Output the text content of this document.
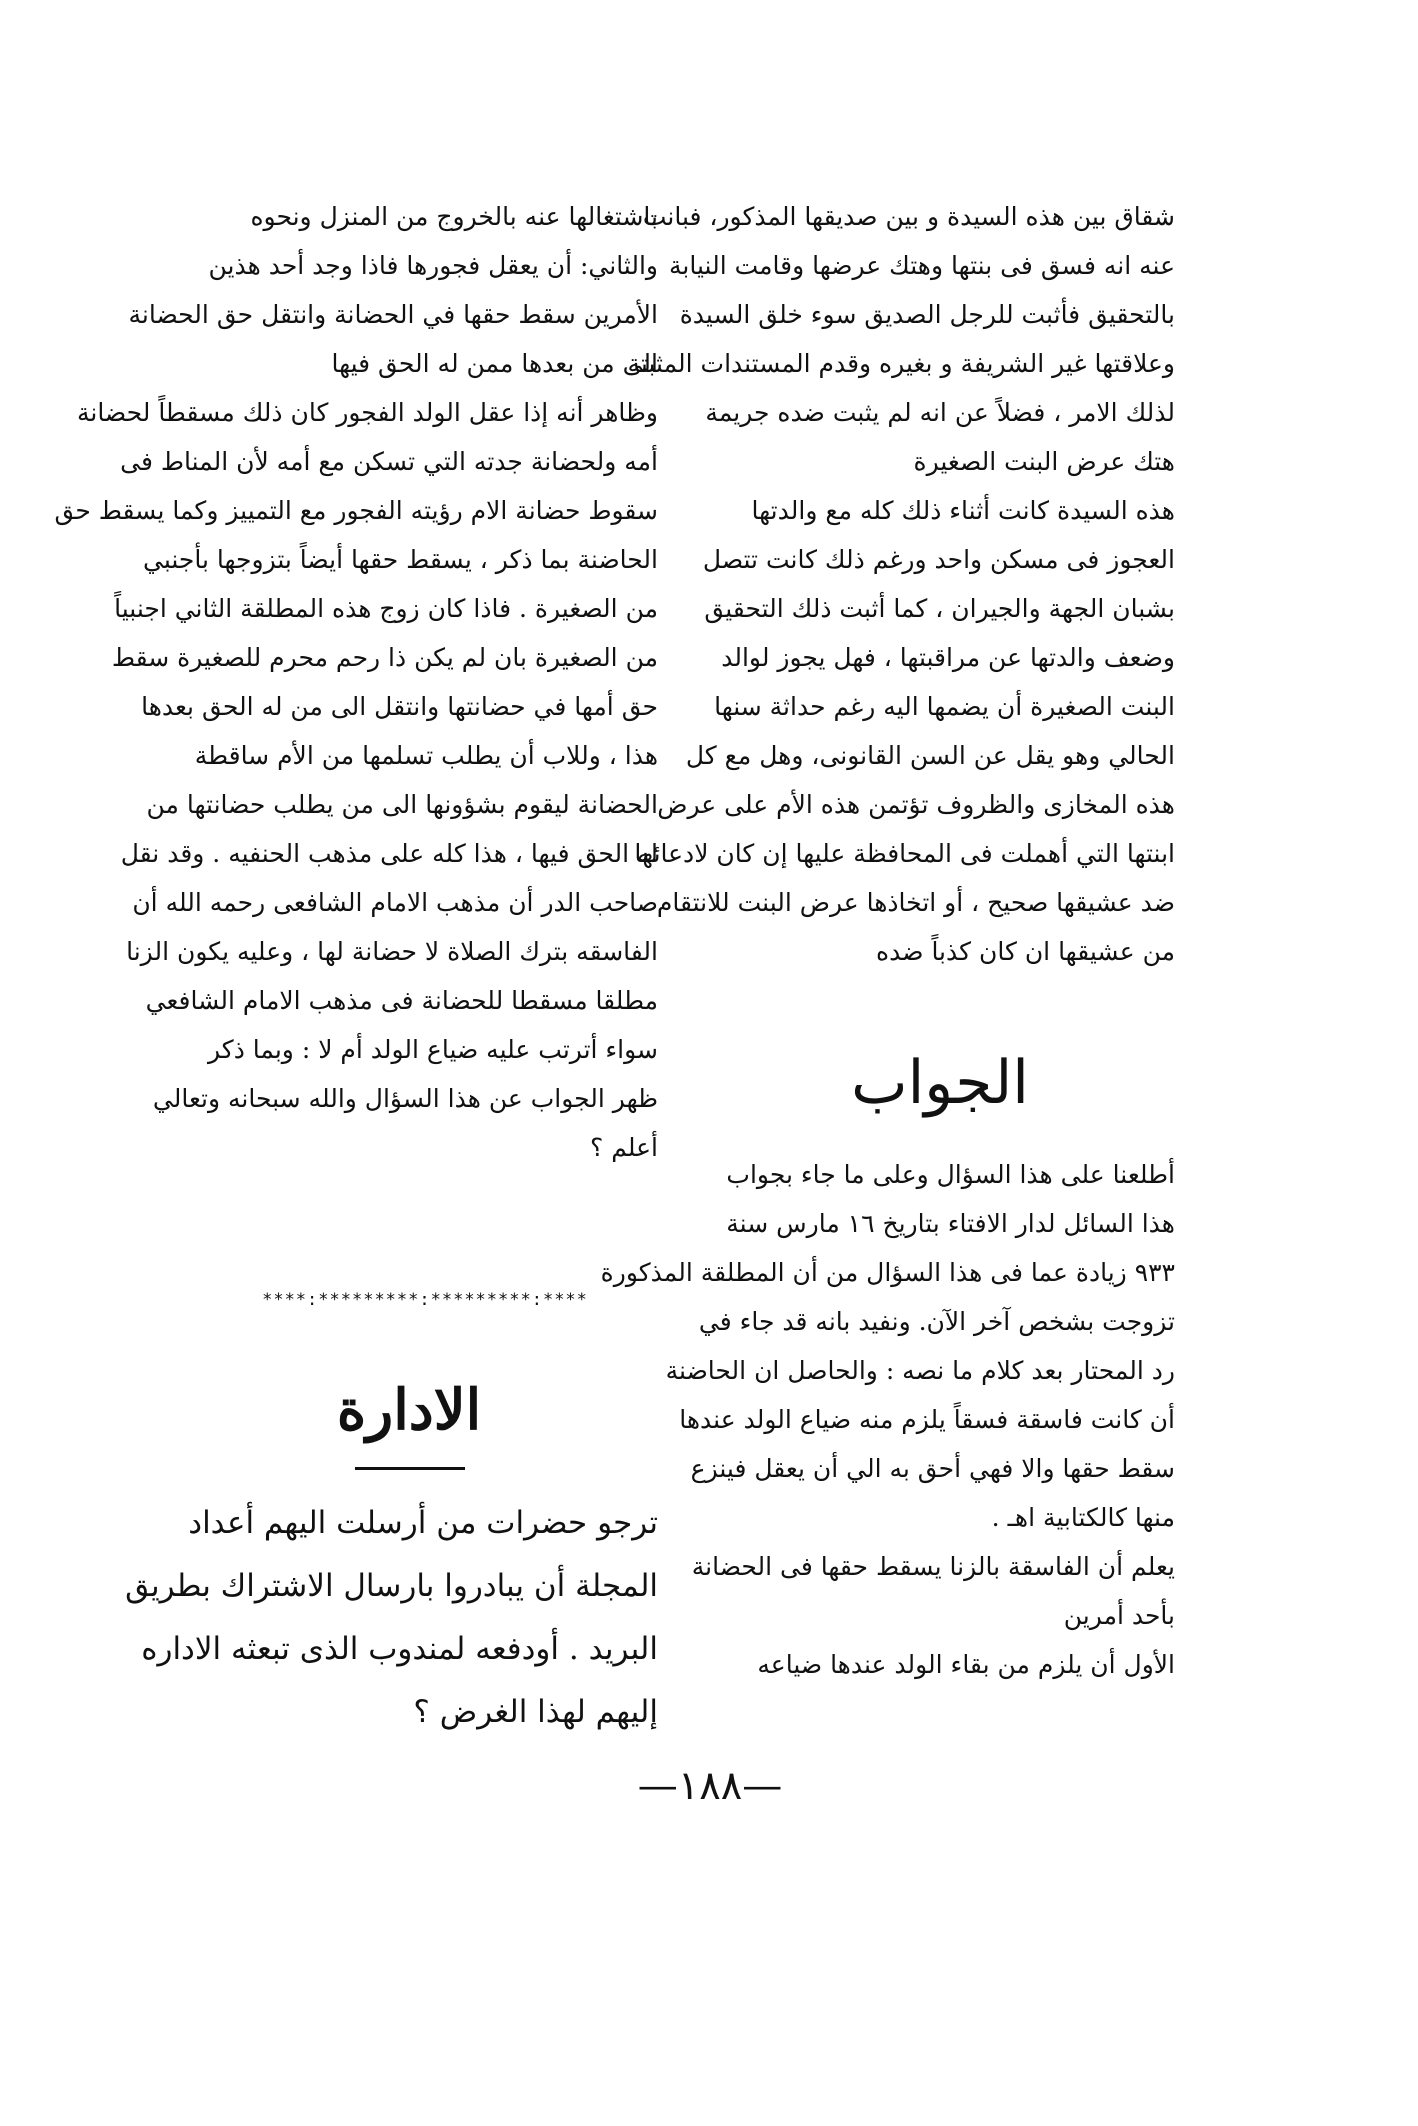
شقاق بين هذه السيدة و بين صديقها المذكور، فبانت
عنه انه فسق فى بنتها وهتك عرضها وقامت النيابة
بالتحقيق فأثبت للرجل الصديق سوء خلق السيدة
وعلاقتها غير الشريفة و بغيره وقدم المستندات المثبتة
لذلك الامر ، فضلاً عن انه لم يثبت ضده جريمة
هتك عرض البنت الصغيرة
هذه السيدة كانت أثناء ذلك كله مع والدتها
العجوز فى مسكن واحد ورغم ذلك كانت تتصل
بشبان الجهة والجيران ، كما أثبت ذلك التحقيق
وضعف والدتها عن مراقبتها ، فهل يجوز لوالد
البنت الصغيرة أن يضمها اليه رغم حداثة سنها
الحالي وهو يقل عن السن القانونى، وهل مع كل
هذه المخازى والظروف تؤتمن هذه الأم على عرض
ابنتها التي أهملت فى المحافظة عليها إن كان لادعائها
ضد عشيقها صحيح ، أو اتخاذها عرض البنت للانتقام
من عشيقها ان كان كذباً ضده
الجواب
أطلعنا على هذا السؤال وعلى ما جاء بجواب
هذا السائل لدار الافتاء بتاريخ ١٦ مارس سنة
٩٣٣ زيادة عما فى هذا السؤال من أن المطلقة المذكورة
تزوجت بشخص آخر الآن. ونفيد بانه قد جاء في
رد المحتار بعد كلام ما نصه : والحاصل ان الحاضنة
أن كانت فاسقة فسقاً يلزم منه ضياع الولد عندها
سقط حقها والا فهي أحق به الي أن يعقل فينزع
منها كالكتابية اهـ .
يعلم أن الفاسقة بالزنا يسقط حقها فى الحضانة
بأحد أمرين
الأول أن يلزم من بقاء الولد عندها ضياعه
باشتغالها عنه بالخروج من المنزل ونحوه
والثاني: أن يعقل فجورها فاذا وجد أحد هذين
الأمرين سقط حقها في الحضانة وانتقل حق الحضانة
الى من بعدها ممن له الحق فيها
وظاهر أنه إذا عقل الولد الفجور كان ذلك مسقطاً لحضانة
أمه ولحضانة جدته التي تسكن مع أمه لأن المناط فى
سقوط حضانة الام رؤيته الفجور مع التمييز وكما يسقط حق
الحاضنة بما ذكر ، يسقط حقها أيضاً بتزوجها بأجنبي
من الصغيرة . فاذا كان زوج هذه المطلقة الثاني اجنبياً
من الصغيرة بان لم يكن ذا رحم محرم للصغيرة سقط
حق أمها في حضانتها وانتقل الى من له الحق بعدها
هذا ، وللاب أن يطلب تسلمها من الأم ساقطة
الحضانة ليقوم بشؤونها الى من يطلب حضانتها من
له الحق فيها ، هذا كله على مذهب الحنفيه . وقد نقل
صاحب الدر أن مذهب الامام الشافعى رحمه الله أن
الفاسقه بترك الصلاة لا حضانة لها ، وعليه يكون الزنا
مطلقا مسقطا للحضانة فى مذهب الامام الشافعي
سواء أترتب عليه ضياع الولد أم لا : وبما ذكر
ظهر الجواب عن هذا السؤال والله سبحانه وتعالي
أعلم ؟
****:*********:*********:****
الادارة
ترجو حضرات من أرسلت اليهم أعداد
المجلة أن يبادروا بارسال الاشتراك بطريق
البريد . أودفعه لمندوب الذى تبعثه الاداره
إليهم لهذا الغرض ؟
—١٨٨—
